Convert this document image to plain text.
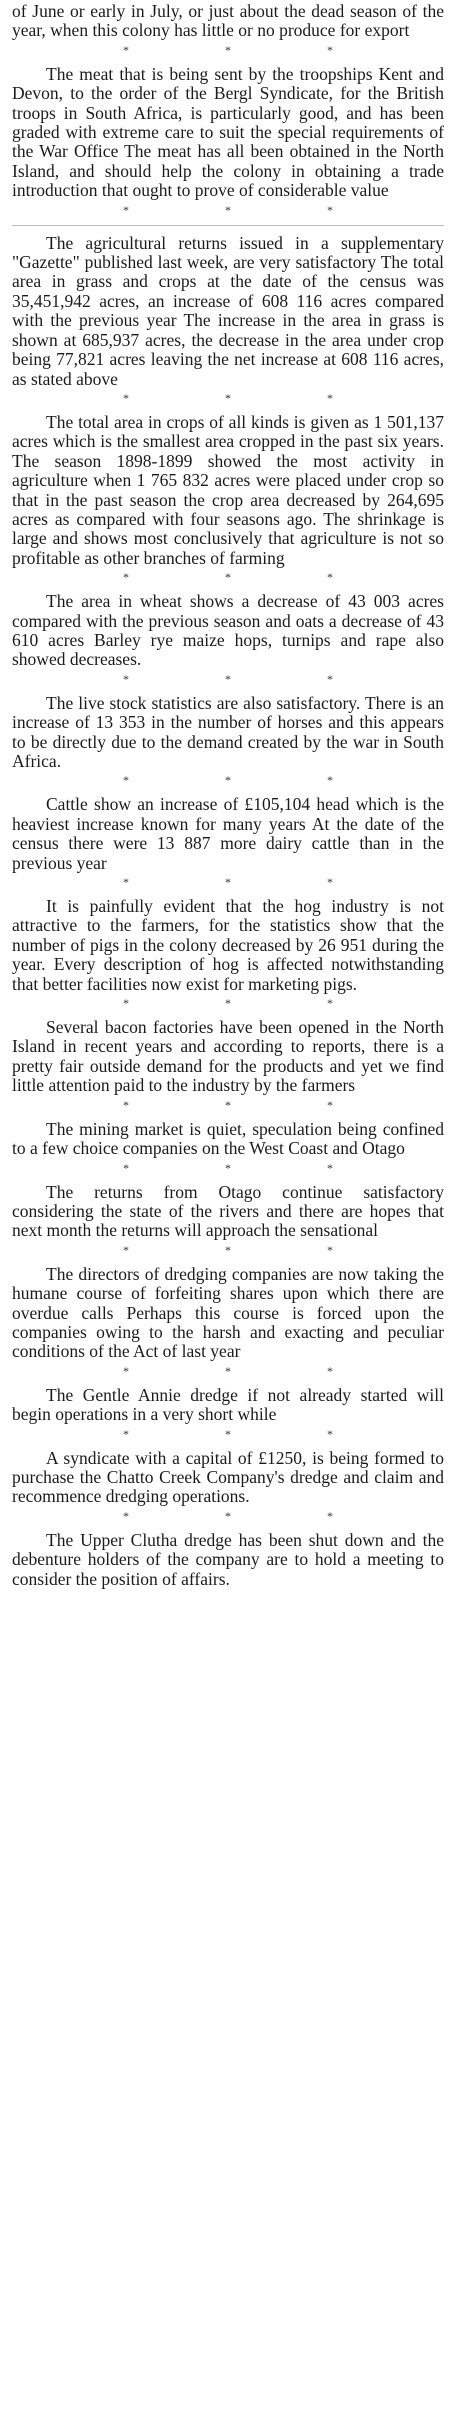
of June or early in July, or just about the dead season of the year, when this colony has little or no produce for export

*	*	*

The meat that is being sent by the troopships Kent and Devon, to the order of the Bergl Syndicate, for the British troops in South Africa, is particularly good, and has been graded with extreme care to suit the special requirements of the War Office The meat has all been obtained in the North Island, and should help the colony in obtaining a trade introduction that ought to prove of considerable value

*	*	*

The agricultural returns issued in a supplementary "Gazette" published last week, are very satisfactory The total area in grass and crops at the date of the census was 35,451,942 acres, an increase of 608 116 acres compared with the previous year The increase in the area in grass is shown at 685,937 acres, the decrease in the area under crop being 77,821 acres leaving the net increase at 608 116 acres, as stated above

*	*	*

The total area in crops of all kinds is given as 1 501,137 acres which is the smallest area cropped in the past six years. The season 1898-1899 showed the most activity in agriculture when 1 765 832 acres were placed under crop so that in the past season the crop area decreased by 264,695 acres as compared with four seasons ago. The shrinkage is large and shows most conclusively that agriculture is not so profitable as other branches of farming

*	*	*

The area in wheat shows a decrease of 43 003 acres compared with the previous season and oats a decrease of 43 610 acres Barley rye maize hops, turnips and rape also showed decreases.

*	*	*

The live stock statistics are also satisfactory. There is an increase of 13 353 in the number of horses and this appears to be directly due to the demand created by the war in South Africa.

*	*	*

Cattle show an increase of £105,104 head which is the heaviest increase known for many years At the date of the census there were 13 887 more dairy cattle than in the previous year

*	*	*

It is painfully evident that the hog industry is not attractive to the farmers, for the statistics show that the number of pigs in the colony decreased by 26 951 during the year. Every description of hog is affected notwithstanding that better facilities now exist for marketing pigs.

*	*	*

Several bacon factories have been opened in the North Island in recent years and according to reports, there is a pretty fair outside demand for the products and yet we find little attention paid to the industry by the farmers

*	*	*

The mining market is quiet, speculation being confined to a few choice companies on the West Coast and Otago

*	*	*

The returns from Otago continue satisfactory considering the state of the rivers and there are hopes that next month the returns will approach the sensational

*	*	*

The directors of dredging companies are now taking the humane course of forfeiting shares upon which there are overdue calls Perhaps this course is forced upon the companies owing to the harsh and exacting and peculiar conditions of the Act of last year

*	*	*

The Gentle Annie dredge if not already started will begin operations in a very short while

*	*	*

A syndicate with a capital of £1250, is being formed to purchase the Chatto Creek Company's dredge and claim and recommence dredging operations.

*	*	*

The Upper Clutha dredge has been shut down and the debenture holders of the company are to hold a meeting to consider the position of affairs.
